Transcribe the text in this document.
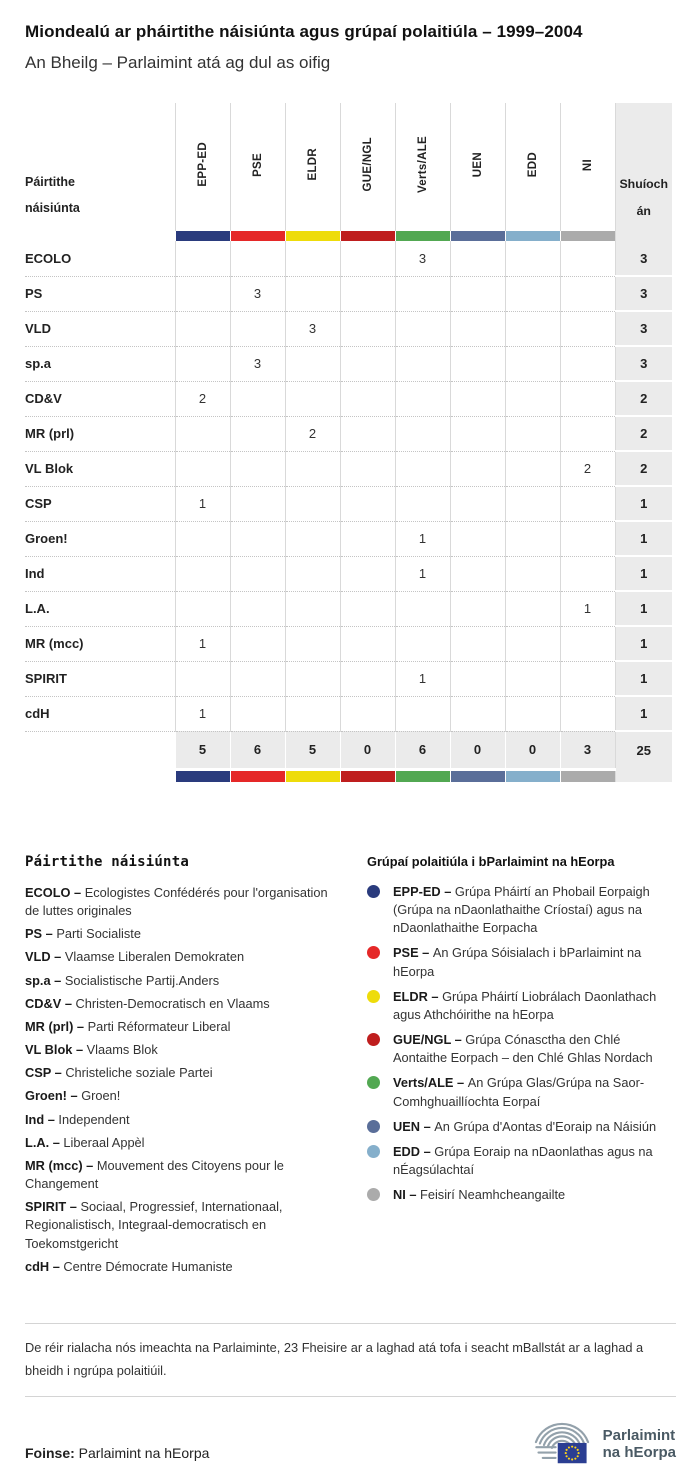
Miondealú ar pháirtithe náisiúnta agus grúpaí polaitiúla – 1999–2004
An Bheilg – Parlaimint atá ag dul as oifig
Páirtithe náisiúnta	EPP-ED	PSE	ELDR	GUE/NGL	Verts/ALE	UEN	EDD	NI	Shuíochán

ECOLO					3				3
PS		3							3
VLD			3						3
sp.a		3							3
CD&V	2								2
MR (prl)			2						2
VL Blok								2	2
CSP	1								1
Groen!					1				1
Ind					1				1
L.A.								1	1
MR (mcc)	1								1
SPIRIT					1				1
cdH	1								1
	5	6	5	0	6	0	0	3	25

Páirtithe náisiúnta

ECOLO – Ecologistes Confédérés pour l'organisation de luttes originales

PS – Parti Socialiste

VLD – Vlaamse Liberalen Demokraten

sp.a – Socialistische Partij.Anders

CD&V – Christen-Democratisch en Vlaams

MR (prl) – Parti Réformateur Liberal

VL Blok – Vlaams Blok

CSP – Christeliche soziale Partei

Groen! – Groen!

Ind – Independent

L.A. – Liberaal Appèl

MR (mcc) – Mouvement des Citoyens pour le Changement

SPIRIT – Sociaal, Progressief, Internationaal, Regionalistisch, Integraal-democratisch en Toekomstgericht

cdH – Centre Démocrate Humaniste

Grúpaí polaitiúla i bParlaimint na hEorpa
EPP-ED – Grúpa Pháirtí an Phobail Eorpaigh (Grúpa na nDaonlathaithe Críostaí) agus na nDaonlathaithe Eorpacha
PSE – An Grúpa Sóisialach i bParlaimint na hEorpa
ELDR – Grúpa Pháirtí Liobrálach Daonlathach agus Athchóirithe na hEorpa
GUE/NGL – Grúpa Cónasctha den Chlé Aontaithe Eorpach – den Chlé Ghlas Nordach
Verts/ALE – An Grúpa Glas/Grúpa na Saor-Comhghuaillíochta Eorpaí
UEN – An Grúpa d'Aontas d'Eoraip na Náisiún
EDD – Grúpa Eoraip na nDaonlathas agus na nÉagsúlachtaí
NI – Feisirí Neamhcheangailte

De réir rialacha nós imeachta na Parlaiminte, 23 Fheisire ar a laghad atá tofa i seacht mBallstát ar a laghad a bheidh i ngrúpa polaitiúil.

Foinse: Parlaimint na hEorpa
Parlaimint
na hEorpa
